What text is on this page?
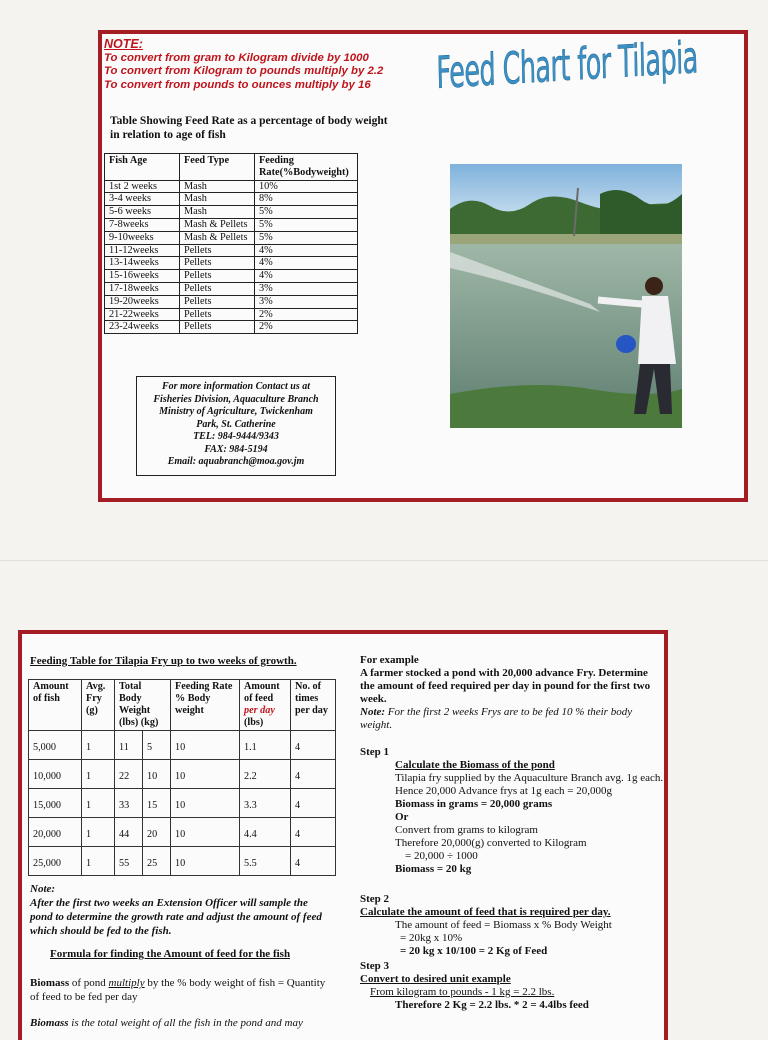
NOTE:
To convert from gram to Kilogram divide by 1000
To convert from Kilogram to pounds multiply by 2.2
To convert from pounds to ounces multiply by 16
Table Showing Feed Rate as a percentage of body weight in relation to age of fish
Fish Age	Feed Type	Feeding Rate(%Bodyweight)
1st 2 weeks	Mash	10%
3-4 weeks	Mash	8%
5-6 weeks	Mash	5%
7-8weeks	Mash & Pellets	5%
9-10weeks	Mash & Pellets	5%
11-12weeks	Pellets	4%
13-14weeks	Pellets	4%
15-16weeks	Pellets	4%
17-18weeks	Pellets	3%
19-20weeks	Pellets	3%
21-22weeks	Pellets	2%
23-24weeks	Pellets	2%
For more information Contact us at
Fisheries Division, Aquaculture Branch
Ministry of Agriculture, Twickenham
Park, St. Catherine
TEL: 984-9444/9343
FAX: 984-5194
Email: aquabranch@moa.gov.jm
Feed Chart for Tilapia
Feeding Table for Tilapia Fry up to two weeks of growth.
Amount of fish	Avg. Fry (g)	Total Body Weight (lbs) (kg)		Feeding Rate % Body weight	Amount of feed per day (lbs)	No. of times per day
5,000	1	11	5	10	1.1	4
10,000	1	22	10	10	2.2	4
15,000	1	33	15	10	3.3	4
20,000	1	44	20	10	4.4	4
25,000	1	55	25	10	5.5	4
Note:
After the first two weeks an Extension Officer will sample the pond to determine the growth rate and adjust the amount of feed which should be fed to the fish.
Formula for finding the Amount of feed for the fish
Biomass of pond multiply by the % body weight of fish = Quantity of feed to be fed per day
Biomass is the total weight of all the fish in the pond and may
For example
A farmer stocked a pond with 20,000 advance Fry. Determine the amount of feed required per day in pound for the first two week.
Note: For the first 2 weeks Frys are to be fed 10 % their body weight.
Step 1
Calculate the Biomass of the pond
Tilapia fry supplied by the Aquaculture Branch avg. 1g each.
Hence 20,000 Advance frys at 1g each = 20,000g
Biomass in grams = 20,000 grams
Or
Convert from grams to kilogram
Therefore 20,000(g) converted to Kilogram
= 20,000 ÷ 1000
Biomass = 20 kg
Step 2
Calculate the amount of feed that is required per day.
The amount of feed = Biomass x % Body Weight
= 20kg x 10%
= 20 kg x 10/100 = 2 Kg of Feed
Step 3
Convert to desired unit example
From kilogram to pounds - 1 kg = 2.2 lbs.
Therefore 2 Kg = 2.2 lbs. * 2 = 4.4lbs feed
